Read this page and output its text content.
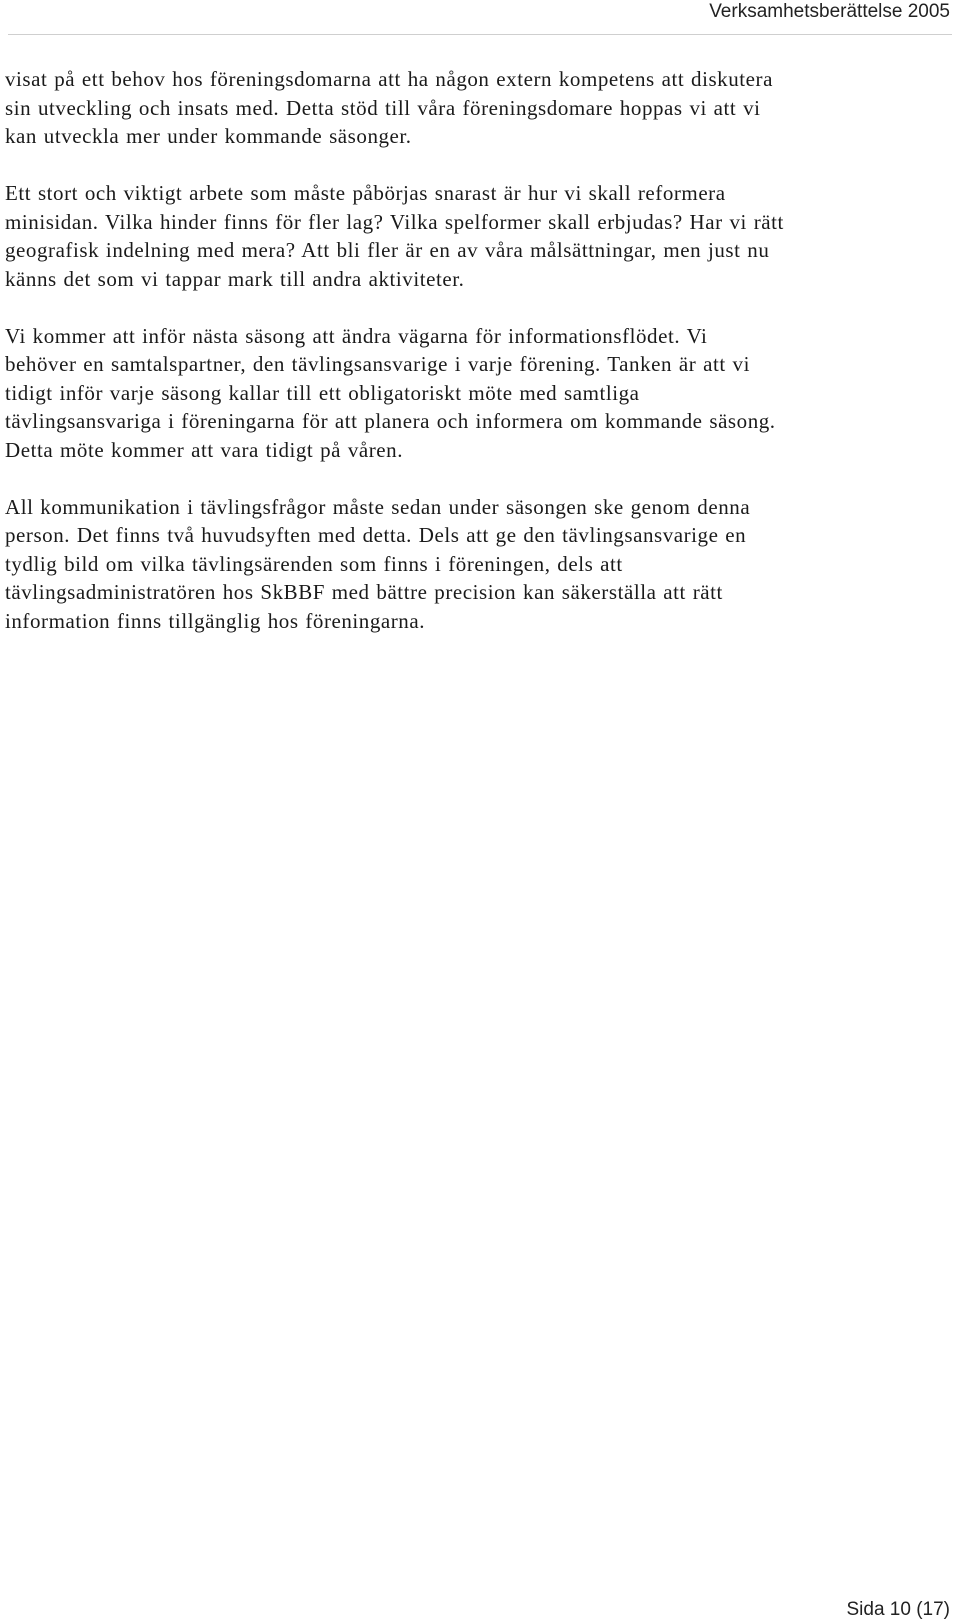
Verksamhetsberättelse 2005

visat på ett behov hos föreningsdomarna att ha någon extern kompetens att diskutera
sin utveckling och insats med. Detta stöd till våra föreningsdomare hoppas vi att vi
kan utveckla mer under kommande säsonger.

Ett stort och viktigt arbete som måste påbörjas snarast är hur vi skall reformera
minisidan. Vilka hinder finns för fler lag? Vilka spelformer skall erbjudas? Har vi rätt
geografisk indelning med mera? Att bli fler är en av våra målsättningar, men just nu
känns det som vi tappar mark till andra aktiviteter.

Vi kommer att inför nästa säsong att ändra vägarna för informationsflödet. Vi
behöver en samtalspartner, den tävlingsansvarige i varje förening. Tanken är att vi
tidigt inför varje säsong kallar till ett obligatoriskt möte med samtliga
tävlingsansvariga i föreningarna för att planera och informera om kommande säsong.
Detta möte kommer att vara tidigt på våren.

All kommunikation i tävlingsfrågor måste sedan under säsongen ske genom denna
person. Det finns två huvudsyften med detta. Dels att ge den tävlingsansvarige en
tydlig bild om vilka tävlingsärenden som finns i föreningen, dels att
tävlingsadministratören hos SkBBF med bättre precision kan säkerställa att rätt
information finns tillgänglig hos föreningarna.

Sida 10 (17)
